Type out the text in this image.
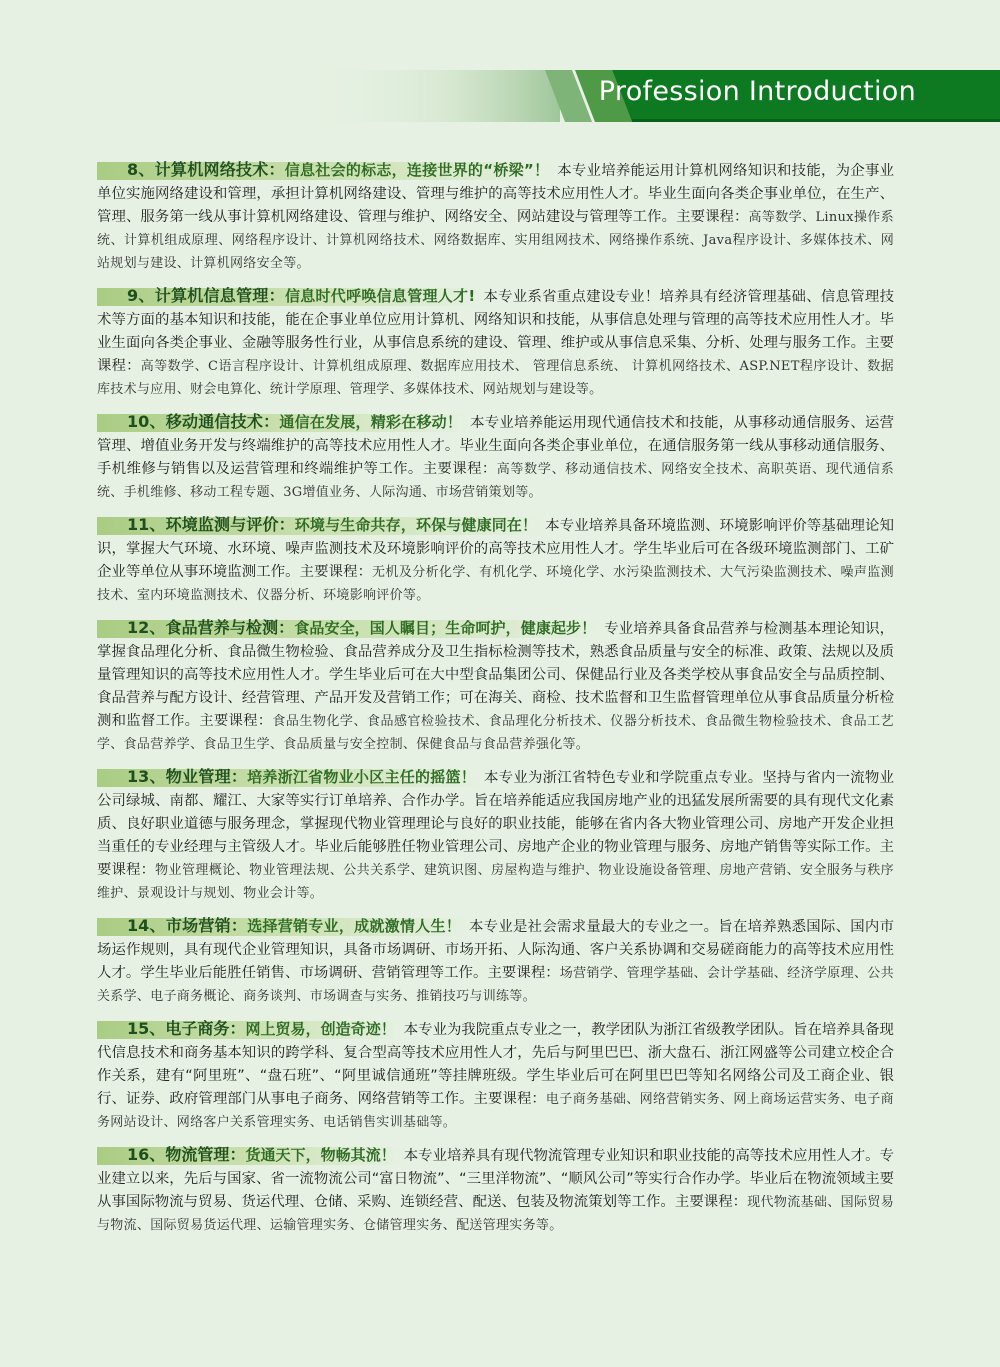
Profession Introduction

8、计算机网络技术：信息社会的标志，连接世界的“桥梁”！ 本专业培养能运用计算机网络知识和技能，为企事业单位实施网络建设和管理，承担计算机网络建设、管理与维护的高等技术应用性人才。毕业生面向各类企事业单位，在生产、管理、服务第一线从事计算机网络建设、管理与维护、网络安全、网站建设与管理等工作。主要课程：高等数学、Linux操作系统、计算机组成原理、网络程序设计、计算机网络技术、网络数据库、实用组网技术、网络操作系统、Java程序设计、多媒体技术、网站规划与建设、计算机网络安全等。

9、计算机信息管理：信息时代呼唤信息管理人才! 本专业系省重点建设专业！培养具有经济管理基础、信息管理技术等方面的基本知识和技能，能在企事业单位应用计算机、网络知识和技能，从事信息处理与管理的高等技术应用性人才。毕业生面向各类企事业、金融等服务性行业，从事信息系统的建设、管理、维护或从事信息采集、分析、处理与服务工作。主要课程：高等数学、C语言程序设计、计算机组成原理、数据库应用技术、 管理信息系统、 计算机网络技术、ASP.NET程序设计、数据库技术与应用、财会电算化、统计学原理、管理学、多媒体技术、网站规划与建设等。

10、移动通信技术：通信在发展，精彩在移动！ 本专业培养能运用现代通信技术和技能，从事移动通信服务、运营管理、增值业务开发与终端维护的高等技术应用性人才。毕业生面向各类企事业单位，在通信服务第一线从事移动通信服务、手机维修与销售以及运营管理和终端维护等工作。主要课程：高等数学、移动通信技术、网络安全技术、高职英语、现代通信系统、手机维修、移动工程专题、3G增值业务、人际沟通、市场营销策划等。

11、环境监测与评价：环境与生命共存，环保与健康同在！ 本专业培养具备环境监测、环境影响评价等基础理论知识，掌握大气环境、水环境、噪声监测技术及环境影响评价的高等技术应用性人才。学生毕业后可在各级环境监测部门、工矿企业等单位从事环境监测工作。主要课程：无机及分析化学、有机化学、环境化学、水污染监测技术、大气污染监测技术、噪声监测技术、室内环境监测技术、仪器分析、环境影响评价等。

12、食品营养与检测：食品安全，国人瞩目；生命呵护，健康起步！ 专业培养具备食品营养与检测基本理论知识，掌握食品理化分析、食品微生物检验、食品营养成分及卫生指标检测等技术，熟悉食品质量与安全的标准、政策、法规以及质量管理知识的高等技术应用性人才。学生毕业后可在大中型食品集团公司、保健品行业及各类学校从事食品安全与品质控制、食品营养与配方设计、经营管理、产品开发及营销工作；可在海关、商检、技术监督和卫生监督管理单位从事食品质量分析检测和监督工作。主要课程：食品生物化学、食品感官检验技术、食品理化分析技术、仪器分析技术、食品微生物检验技术、食品工艺学、食品营养学、食品卫生学、食品质量与安全控制、保健食品与食品营养强化等。

13、物业管理：培养浙江省物业小区主任的摇篮！ 本专业为浙江省特色专业和学院重点专业。坚持与省内一流物业公司绿城、南都、耀江、大家等实行订单培养、合作办学。旨在培养能适应我国房地产业的迅猛发展所需要的具有现代文化素质、良好职业道德与服务理念，掌握现代物业管理理论与良好的职业技能，能够在省内各大物业管理公司、房地产开发企业担当重任的专业经理与主管级人才。毕业后能够胜任物业管理公司、房地产企业的物业管理与服务、房地产销售等实际工作。主要课程：物业管理概论、物业管理法规、公共关系学、建筑识图、房屋构造与维护、物业设施设备管理、房地产营销、安全服务与秩序维护、景观设计与规划、物业会计等。

14、市场营销：选择营销专业，成就激情人生！ 本专业是社会需求量最大的专业之一。旨在培养熟悉国际、国内市场运作规则，具有现代企业管理知识，具备市场调研、市场开拓、人际沟通、客户关系协调和交易磋商能力的高等技术应用性人才。学生毕业后能胜任销售、市场调研、营销管理等工作。主要课程：场营销学、管理学基础、会计学基础、经济学原理、公共关系学、电子商务概论、商务谈判、市场调查与实务、推销技巧与训练等。

15、电子商务：网上贸易，创造奇迹！ 本专业为我院重点专业之一，教学团队为浙江省级教学团队。旨在培养具备现代信息技术和商务基本知识的跨学科、复合型高等技术应用性人才，先后与阿里巴巴、浙大盘石、浙江网盛等公司建立校企合作关系，建有“阿里班”、“盘石班”、“阿里诚信通班”等挂牌班级。学生毕业后可在阿里巴巴等知名网络公司及工商企业、银行、证券、政府管理部门从事电子商务、网络营销等工作。主要课程：电子商务基础、网络营销实务、网上商场运营实务、电子商务网站设计、网络客户关系管理实务、电话销售实训基础等。

16、物流管理：货通天下，物畅其流！ 本专业培养具有现代物流管理专业知识和职业技能的高等技术应用性人才。专业建立以来，先后与国家、省一流物流公司“富日物流”、“三里洋物流”、“顺风公司”等实行合作办学。毕业后在物流领域主要从事国际物流与贸易、货运代理、仓储、采购、连锁经营、配送、包装及物流策划等工作。主要课程：现代物流基础、国际贸易与物流、国际贸易货运代理、运输管理实务、仓储管理实务、配送管理实务等。
